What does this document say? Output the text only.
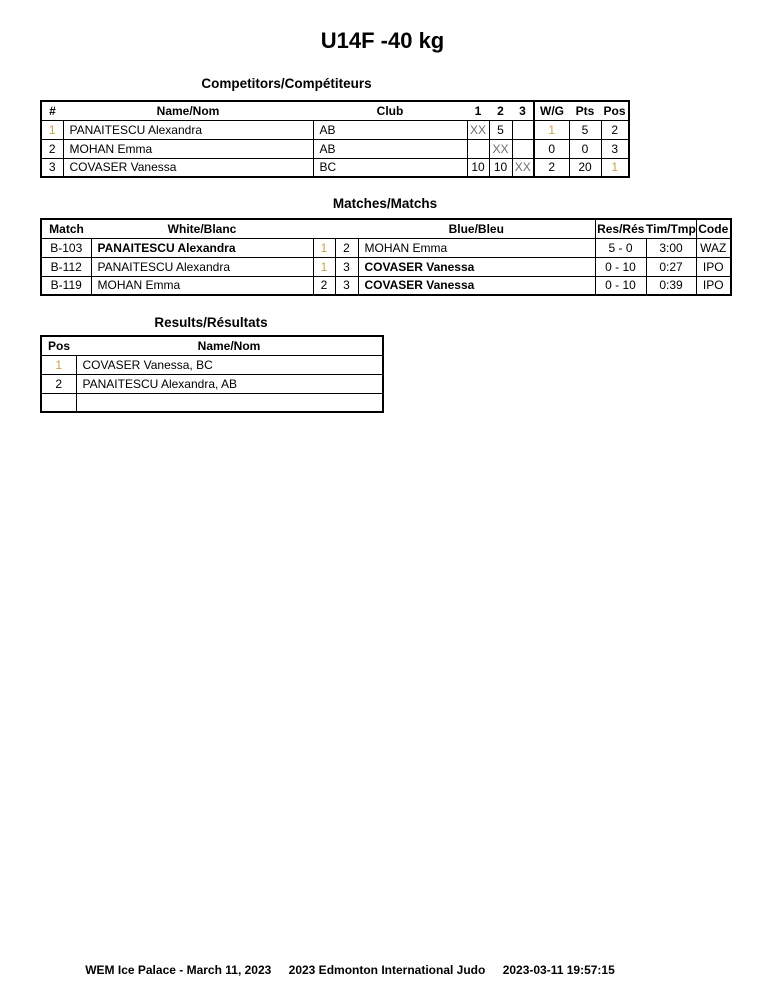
U14F -40 kg
Competitors/Compétiteurs
#	Name/Nom	Club	1	2	3	W/G	Pts	Pos
1	PANAITESCU Alexandra	AB	XX	5		1	5	2
2	MOHAN Emma	AB		XX		0	0	3
3	COVASER Vanessa	BC	10	10	XX	2	20	1
Matches/Matchs
Match	White/Blanc			Blue/Bleu	Res/Rés	Tim/Tmp	Code
B-103	PANAITESCU Alexandra	1	2	MOHAN Emma	5 - 0	3:00	WAZ
B-112	PANAITESCU Alexandra	1	3	COVASER Vanessa	0 - 10	0:27	IPO
B-119	MOHAN Emma	2	3	COVASER Vanessa	0 - 10	0:39	IPO
Results/Résultats
Pos	Name/Nom
1	COVASER Vanessa, BC
2	PANAITESCU Alexandra, AB

WEM Ice Palace - March 11, 2023 2023 Edmonton International Judo 2023-03-11 19:57:15
